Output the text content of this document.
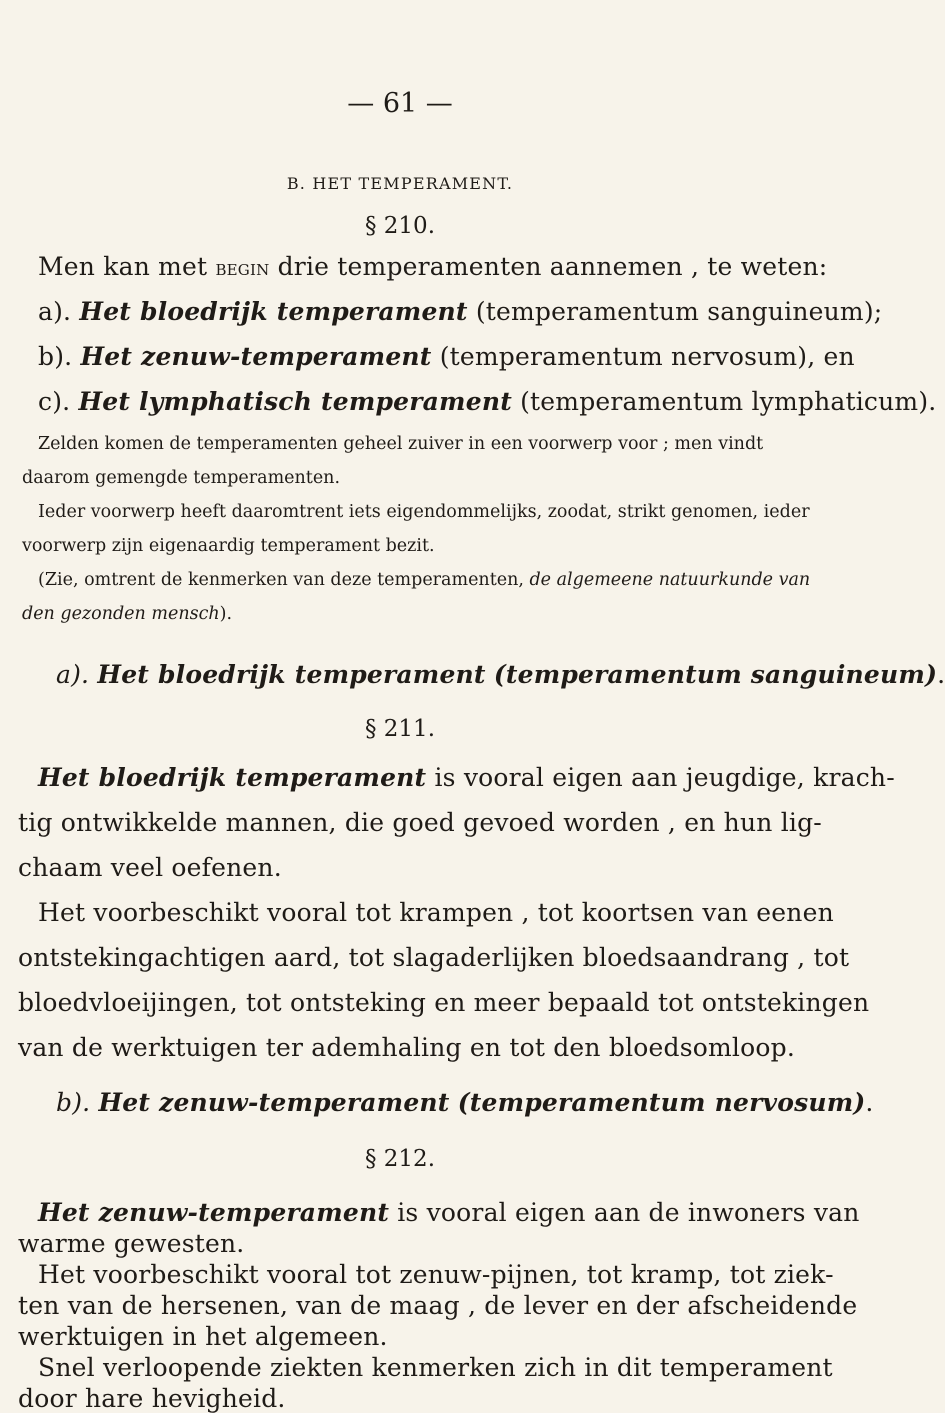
— 61 —
B. HET TEMPERAMENT.
§ 210.
Men kan met begin drie temperamenten aannemen , te weten:
a). Het bloedrijk temperament (temperamentum sanguineum);
b). Het zenuw-temperament (temperamentum nervosum), en
c). Het lymphatisch temperament (temperamentum lymphaticum).
Zelden komen de temperamenten geheel zuiver in een voorwerp voor ; men vindt
daarom gemengde temperamenten.
Ieder voorwerp heeft daaromtrent iets eigendommelijks, zoodat, strikt genomen, ieder
voorwerp zijn eigenaardig temperament bezit.
(Zie, omtrent de kenmerken van deze temperamenten, de algemeene natuurkunde van
den gezonden mensch).
a). Het bloedrijk temperament (temperamentum sanguineum).
§ 211.
Het bloedrijk temperament is vooral eigen aan jeugdige, krach-
tig ontwikkelde mannen, die goed gevoed worden , en hun lig-
chaam veel oefenen.
Het voorbeschikt vooral tot krampen , tot koortsen van eenen
ontstekingachtigen aard, tot slagaderlijken bloedsaandrang , tot
bloedvloeijingen, tot ontsteking en meer bepaald tot ontstekingen
van de werktuigen ter ademhaling en tot den bloedsomloop.
b). Het zenuw-temperament (temperamentum nervosum).
§ 212.
Het zenuw-temperament is vooral eigen aan de inwoners van
warme gewesten.
Het voorbeschikt vooral tot zenuw-pijnen, tot kramp, tot ziek-
ten van de hersenen, van de maag , de lever en der afscheidende
werktuigen in het algemeen.
Snel verloopende ziekten kenmerken zich in dit temperament
door hare hevigheid.
